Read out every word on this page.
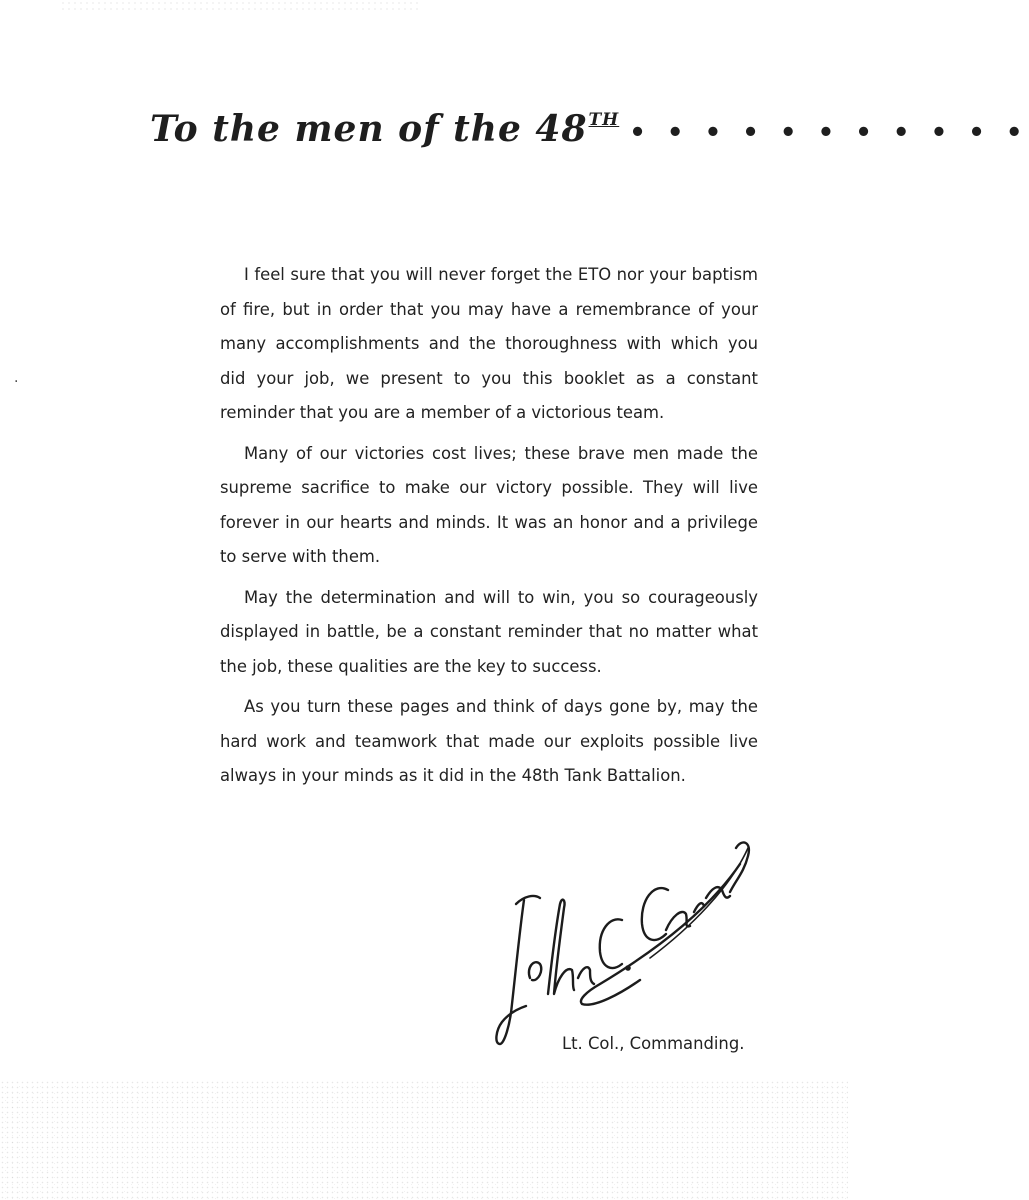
To the men of the 48TH • • • • • • • • • • •
·

I feel sure that you will never forget the ETO nor your baptism of fire, but in order that you may have a remembrance of your many accomplishments and the thoroughness with which you did your job, we present to you this booklet as a constant reminder that you are a member of a victorious team.

Many of our victories cost lives; these brave men made the supreme sacrifice to make our victory possible. They will live forever in our hearts and minds. It was an honor and a privilege to serve with them.

May the determination and will to win, you so courageously displayed in battle, be a constant reminder that no matter what the job, these qualities are the key to success.

As you turn these pages and think of days gone by, may the hard work and teamwork that made our exploits possible live always in your minds as it did in the 48th Tank Battalion.

Lt. Col., Commanding.
